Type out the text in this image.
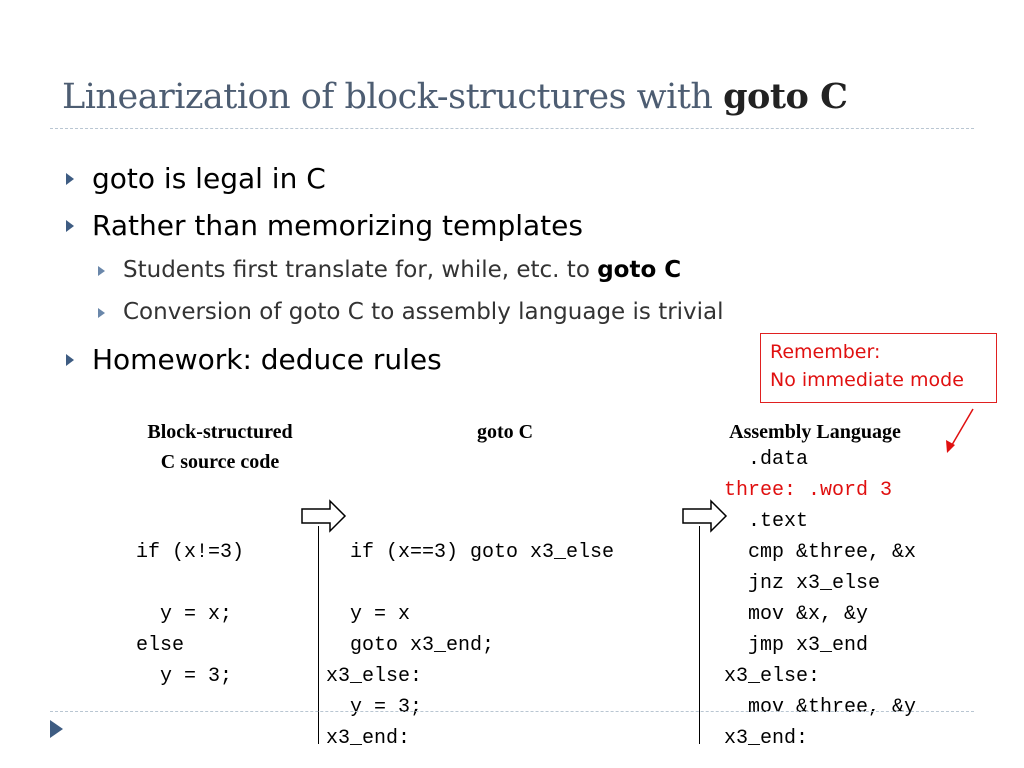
Linearization of block-structures with goto C
goto is legal in C
Rather than memorizing templates
Students first translate for, while, etc. to goto C
Conversion of goto C to assembly language is trivial
Homework: deduce rules	Remember:
No immediate mode
Block-structured
C source code
goto C	Assembly Language
if (x!=3)
y = x;
else
y = 3;
if (x==3) goto x3_else
y = x
goto x3_end;
x3_else:
y = 3;
x3_end:
.data
three: .word 3
.text
cmp &three, &x
jnz x3_else
mov &x, &y
jmp x3_end
x3_else:
mov &three, &y
x3_end:
